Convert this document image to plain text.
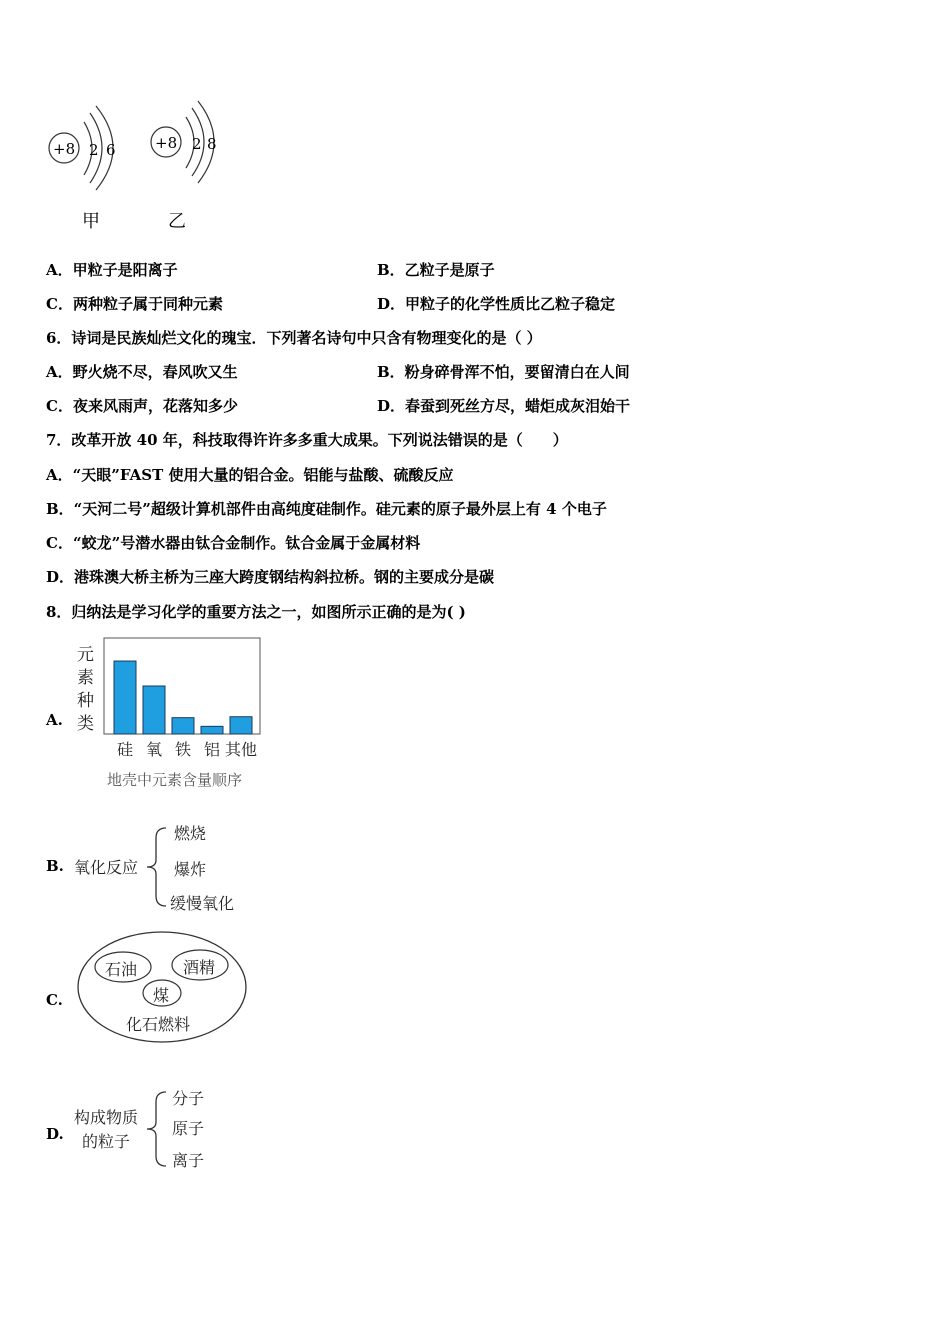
+8 2 6	+8 2 8
甲	乙
A．甲粒子是阳离子	B．乙粒子是原子
C．两种粒子属于同种元素	D．甲粒子的化学性质比乙粒子稳定
6．诗词是民族灿烂文化的瑰宝．下列著名诗句中只含有物理变化的是（ ）
A．野火烧不尽，春风吹又生	B．粉身碎骨浑不怕，要留清白在人间
C．夜来风雨声，花落知多少	D．春蚕到死丝方尽，蜡炬成灰泪始干
7．改革开放 40 年，科技取得许许多多重大成果。下列说法错误的是（　　）
A．“天眼”FAST 使用大量的铝合金。铝能与盐酸、硫酸反应
B．“天河二号”超级计算机部件由高纯度硅制作。硅元素的原子最外层上有 4 个电子
C．“蛟龙”号潜水器由钛合金制作。钛合金属于金属材料
D．港珠澳大桥主桥为三座大跨度钢结构斜拉桥。钢的主要成分是碳
8．归纳法是学习化学的重要方法之一，如图所示正确的是为( )
A.
元素种类
硅 氧 铁 铝 其他
地壳中元素含量顺序
B. 氧化反应
燃烧
爆炸
缓慢氧化
C.
石油	酒精
煤
化石燃料
D.
构成物质
的粒子
分子
原子
离子
